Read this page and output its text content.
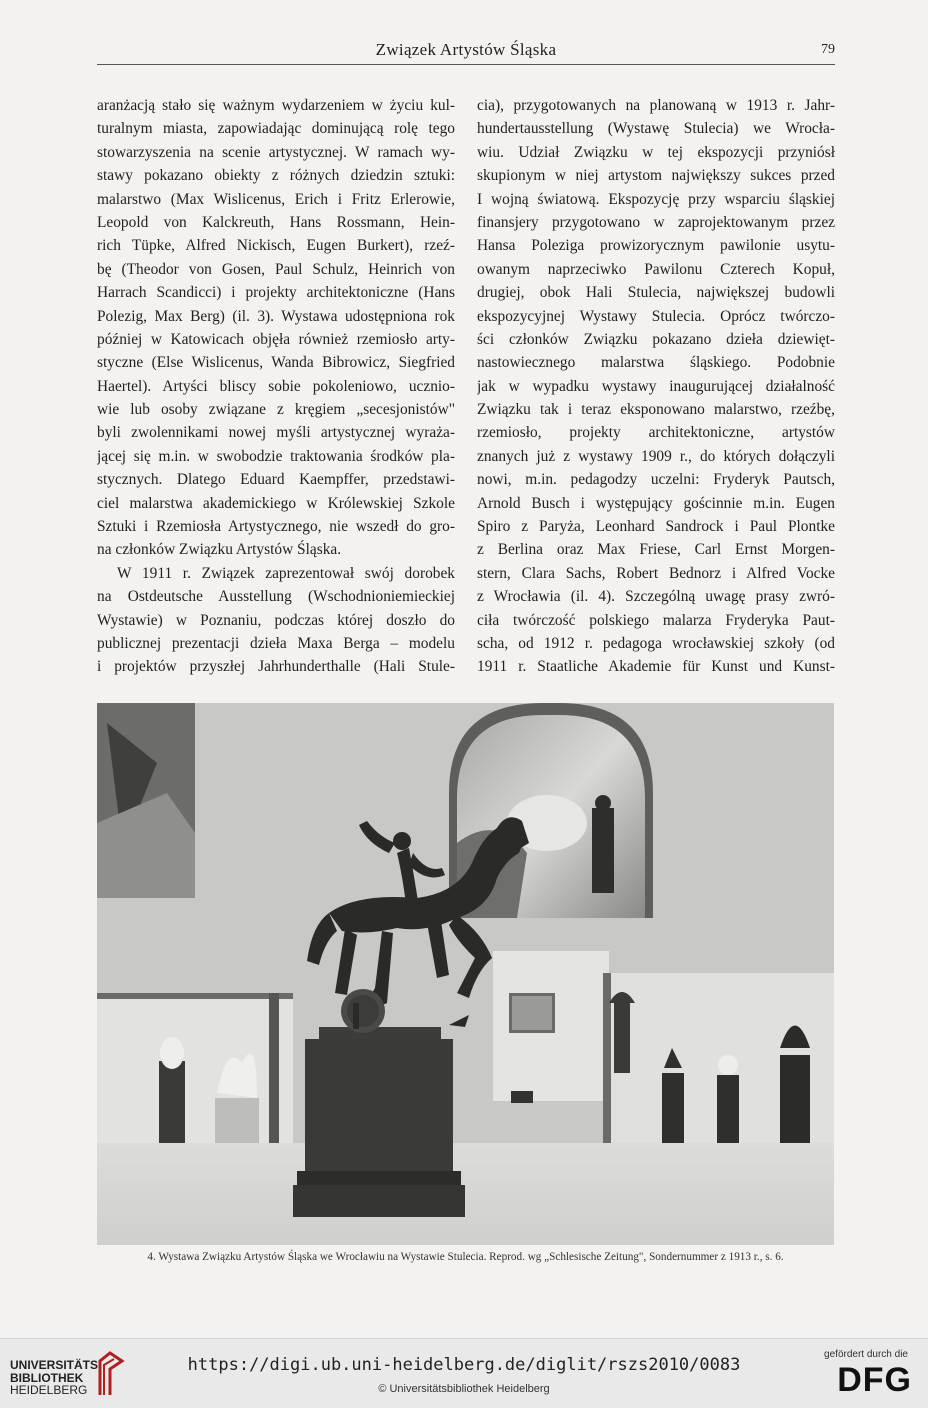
Związek Artystów Śląska	79
aranżacją stało się ważnym wydarzeniem w życiu kul-
turalnym miasta, zapowiadając dominującą rolę tego
stowarzyszenia na scenie artystycznej. W ramach wy-
stawy pokazano obiekty z różnych dziedzin sztuki:
malarstwo (Max Wislicenus, Erich i Fritz Erlerowie,
Leopold von Kalckreuth, Hans Rossmann, Hein-
rich Tüpke, Alfred Nickisch, Eugen Burkert), rzeź-
bę (Theodor von Gosen, Paul Schulz, Heinrich von
Harrach Scandicci) i projekty architektoniczne (Hans
Polezig, Max Berg) (il. 3). Wystawa udostępniona rok
później w Katowicach objęła również rzemiosło arty-
styczne (Else Wislicenus, Wanda Bibrowicz, Siegfried
Haertel). Artyści bliscy sobie pokoleniowo, ucznio-
wie lub osoby związane z kręgiem „secesjonistów"
byli zwolennikami nowej myśli artystycznej wyraża-
jącej się m.in. w swobodzie traktowania środków pla-
stycznych. Dlatego Eduard Kaempffer, przedstawi-
ciel malarstwa akademickiego w Królewskiej Szkole
Sztuki i Rzemiosła Artystycznego, nie wszedł do gro-
na członków Związku Artystów Śląska.
W 1911 r. Związek zaprezentował swój dorobek
na Ostdeutsche Ausstellung (Wschodnioniemieckiej
Wystawie) w Poznaniu, podczas której doszło do
publicznej prezentacji dzieła Maxa Berga – modelu
i projektów przyszłej Jahrhunderthalle (Hali Stule-
cia), przygotowanych na planowaną w 1913 r. Jahr-
hundertausstellung (Wystawę Stulecia) we Wrocła-
wiu. Udział Związku w tej ekspozycji przyniósł
skupionym w niej artystom największy sukces przed
I wojną światową. Ekspozycję przy wsparciu śląskiej
finansjery przygotowano w zaprojektowanym przez
Hansa Poleziga prowizorycznym pawilonie usytu-
owanym naprzeciwko Pawilonu Czterech Kopuł,
drugiej, obok Hali Stulecia, największej budowli
ekspozycyjnej Wystawy Stulecia. Oprócz twórczo-
ści członków Związku pokazano dzieła dziewięt-
nastowiecznego malarstwa śląskiego. Podobnie
jak w wypadku wystawy inaugurującej działalność
Związku tak i teraz eksponowano malarstwo, rzeźbę,
rzemiosło, projekty architektoniczne, artystów
znanych już z wystawy 1909 r., do których dołączyli
nowi, m.in. pedagodzy uczelni: Fryderyk Pautsch,
Arnold Busch i występujący gościnnie m.in. Eugen
Spiro z Paryża, Leonhard Sandrock i Paul Plontke
z Berlina oraz Max Friese, Carl Ernst Morgen-
stern, Clara Sachs, Robert Bednorz i Alfred Vocke
z Wrocławia (il. 4). Szczególną uwagę prasy zwró-
ciła twórczość polskiego malarza Fryderyka Paut-
scha, od 1912 r. pedagoga wrocławskiej szkoły (od
1911 r. Staatliche Akademie für Kunst und Kunst-
4. Wystawa Związku Artystów Śląska we Wrocławiu na Wystawie Stulecia. Reprod. wg „Schlesische Zeitung", Sondernummer z 1913 r., s. 6.
UNIVERSITÄTS-
BIBLIOTHEK
HEIDELBERG
https://digi.ub.uni-heidelberg.de/diglit/rszs2010/0083
© Universitätsbibliothek Heidelberg
gefördert durch die
DFG
